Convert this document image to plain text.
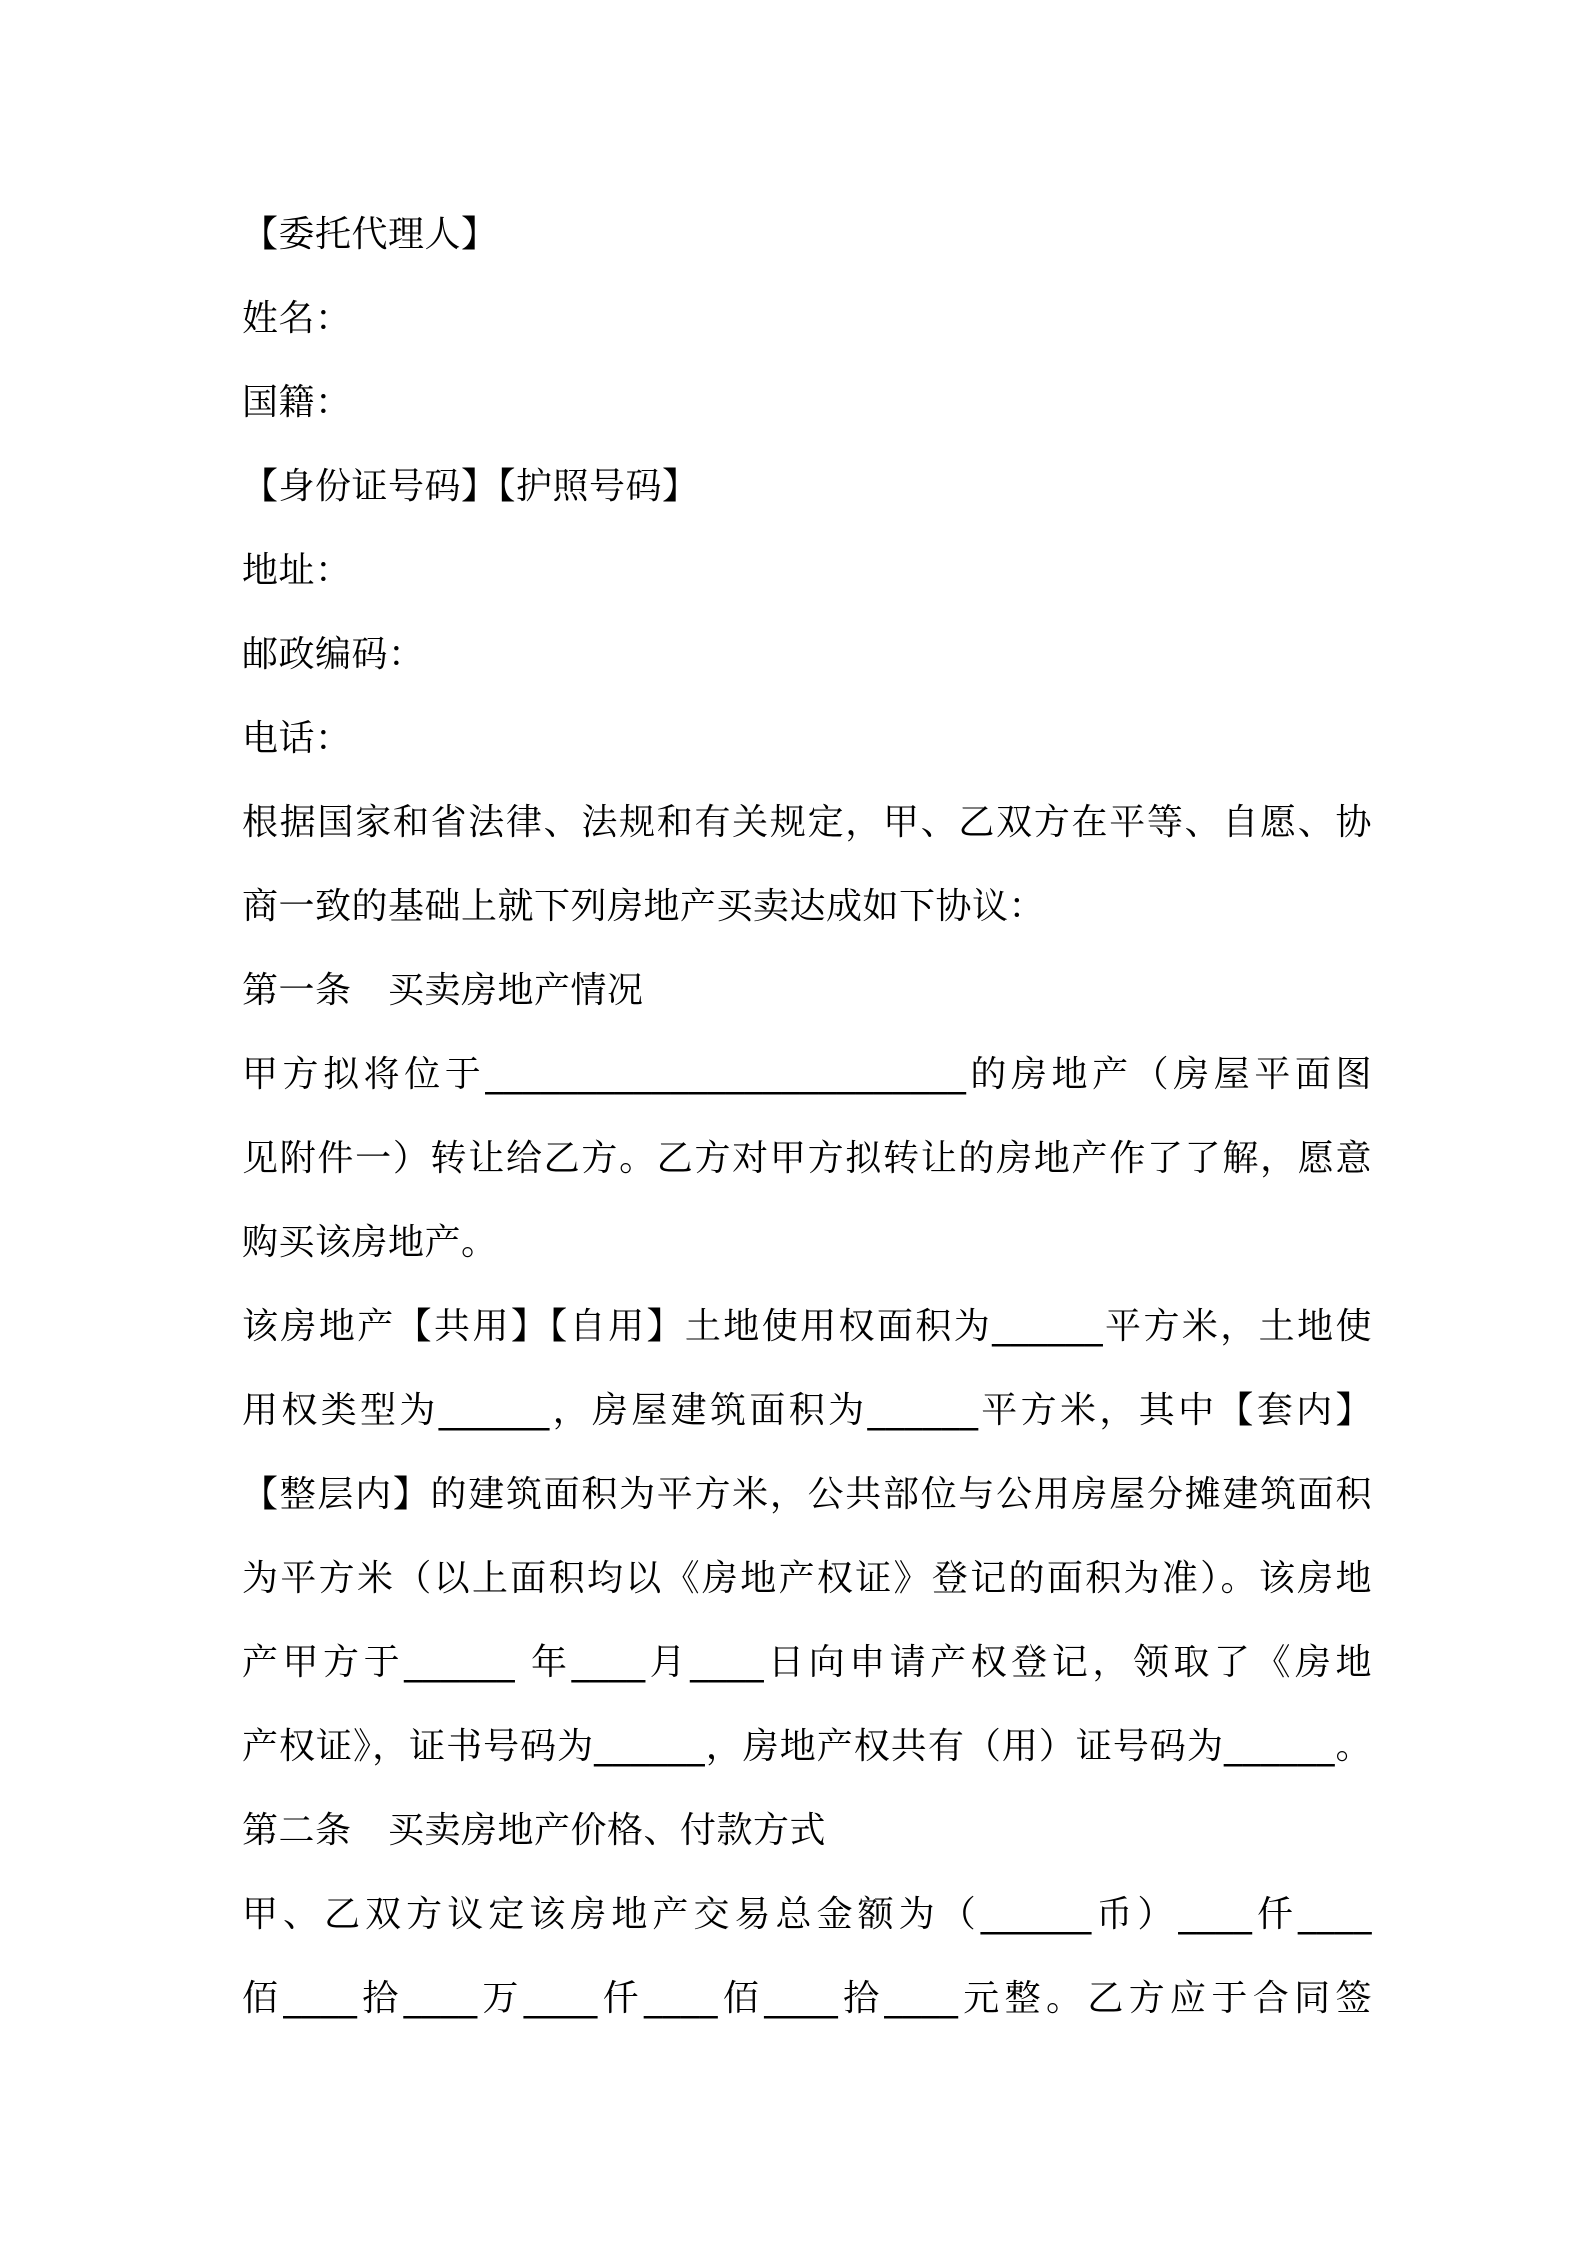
【委托代理人】
姓名：
国籍：
【身份证号码】【护照号码】
地址：
邮政编码：
电话：
根据国家和省法律、法规和有关规定，甲、乙双方在平等、自愿、协
商一致的基础上就下列房地产买卖达成如下协议：
第一条　买卖房地产情况
甲方拟将位于__________________________的房地产（房屋平面图
见附件一）转让给乙方。乙方对甲方拟转让的房地产作了了解，愿意
购买该房地产。
该房地产【共用】【自用】土地使用权面积为______平方米，土地使
用权类型为______，房屋建筑面积为______平方米，其中【套内】
【整层内】的建筑面积为平方米，公共部位与公用房屋分摊建筑面积
为平方米（以上面积均以《房地产权证》登记的面积为准）。该房地
产甲方于______ 年____月____日向申请产权登记，领取了《房地
产权证》，证书号码为______，房地产权共有（用）证号码为______。
第二条　买卖房地产价格、付款方式
甲、乙双方议定该房地产交易总金额为（______币）____仟____
佰____拾____万____仟____佰____拾____元整。乙方应于合同签
